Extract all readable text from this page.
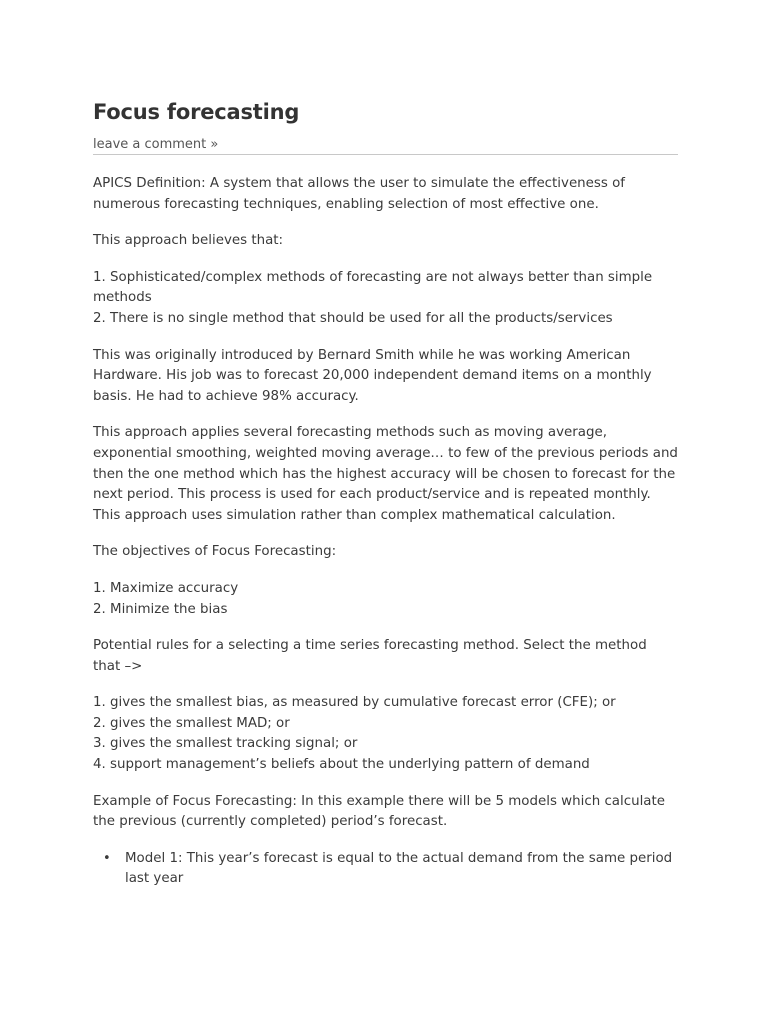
Focus forecasting
leave a comment »

APICS Definition: A system that allows the user to simulate the effectiveness of numerous forecasting techniques, enabling selection of most effective one.

This approach believes that:

1. Sophisticated/complex methods of forecasting are not always better than simple methods
2. There is no single method that should be used for all the products/services

This was originally introduced by Bernard Smith while he was working American Hardware. His job was to forecast 20,000 independent demand items on a monthly basis. He had to achieve 98% accuracy.

This approach applies several forecasting methods such as moving average, exponential smoothing, weighted moving average… to few of the previous periods and then the one method which has the highest accuracy will be chosen to forecast for the next period. This process is used for each product/service and is repeated monthly. This approach uses simulation rather than complex mathematical calculation.

The objectives of Focus Forecasting:

1. Maximize accuracy
2. Minimize the bias

Potential rules for a selecting a time series forecasting method. Select the method that –>

1. gives the smallest bias, as measured by cumulative forecast error (CFE); or
2. gives the smallest MAD; or
3. gives the smallest tracking signal; or
4. support management’s beliefs about the underlying pattern of demand

Example of Focus Forecasting: In this example there will be 5 models which calculate the previous (currently completed) period’s forecast.

• Model 1: This year’s forecast is equal to the actual demand from the same period last year
